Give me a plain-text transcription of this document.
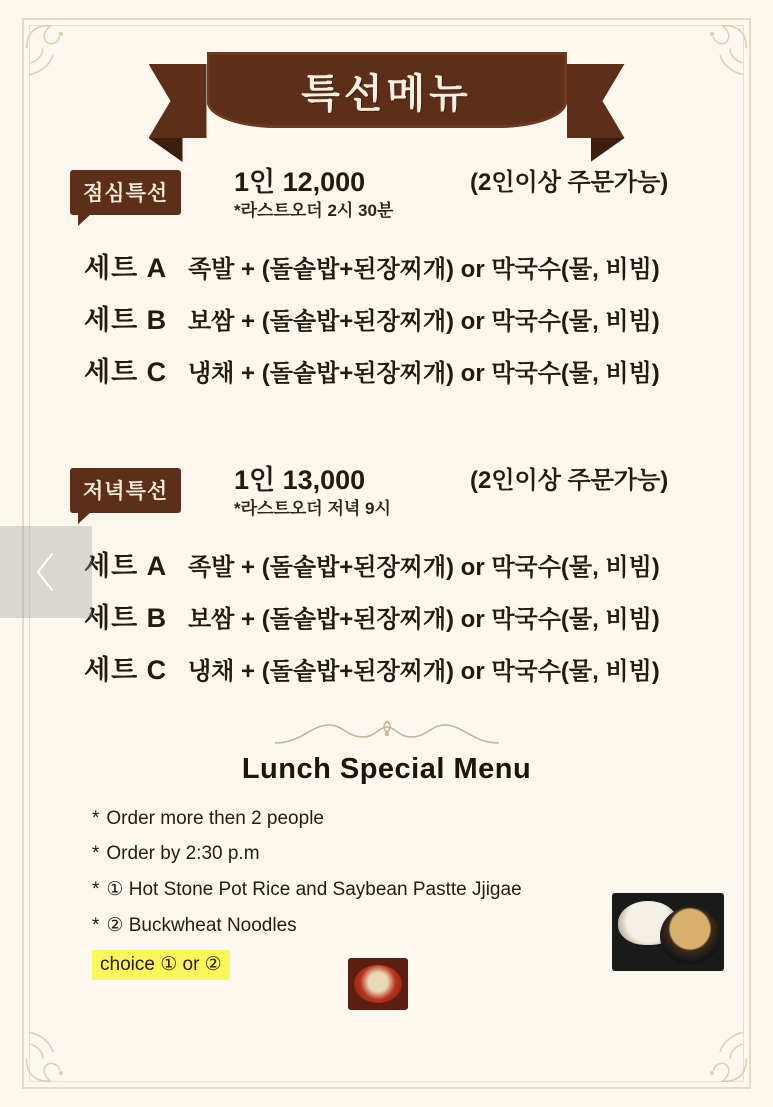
특선메뉴
점심특선	1인 12,000
*라스트오더 2시 30분
(2인이상 주문가능)
세트 A 족발 + (돌솥밥+된장찌개) or 막국수(물, 비빔)
세트 B 보쌈 + (돌솥밥+된장찌개) or 막국수(물, 비빔)
세트 C 냉채 + (돌솥밥+된장찌개) or 막국수(물, 비빔)
저녁특선	1인 13,000
*라스트오더 저녁 9시
(2인이상 주문가능)
세트 A 족발 + (돌솥밥+된장찌개) or 막국수(물, 비빔)
세트 B 보쌈 + (돌솥밥+된장찌개) or 막국수(물, 비빔)
세트 C 냉채 + (돌솥밥+된장찌개) or 막국수(물, 비빔)
Lunch Special Menu
* Order more then 2 people
* Order by 2:30 p.m
* ① Hot Stone Pot Rice and Saybean Pastte Jjigae
* ② Buckwheat Noodles
choice ① or ②
